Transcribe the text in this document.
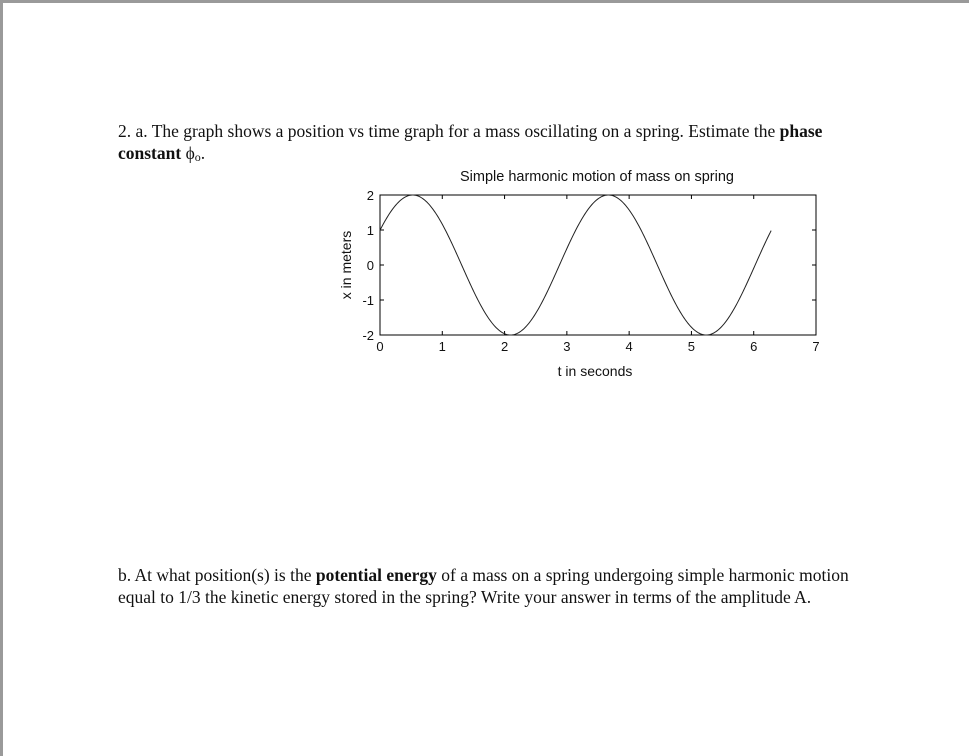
2. a. The graph shows a position vs time graph for a mass oscillating on a spring. Estimate the phase constant ϕo.
Simple harmonic motion of mass on spring
0	1	2	3	4	5	6	7
-2
-1
0
1
2
t in seconds
x in meters
b. At what position(s) is the potential energy of a mass on a spring undergoing simple harmonic motion equal to 1/3 the kinetic energy stored in the spring? Write your answer in terms of the amplitude A.
